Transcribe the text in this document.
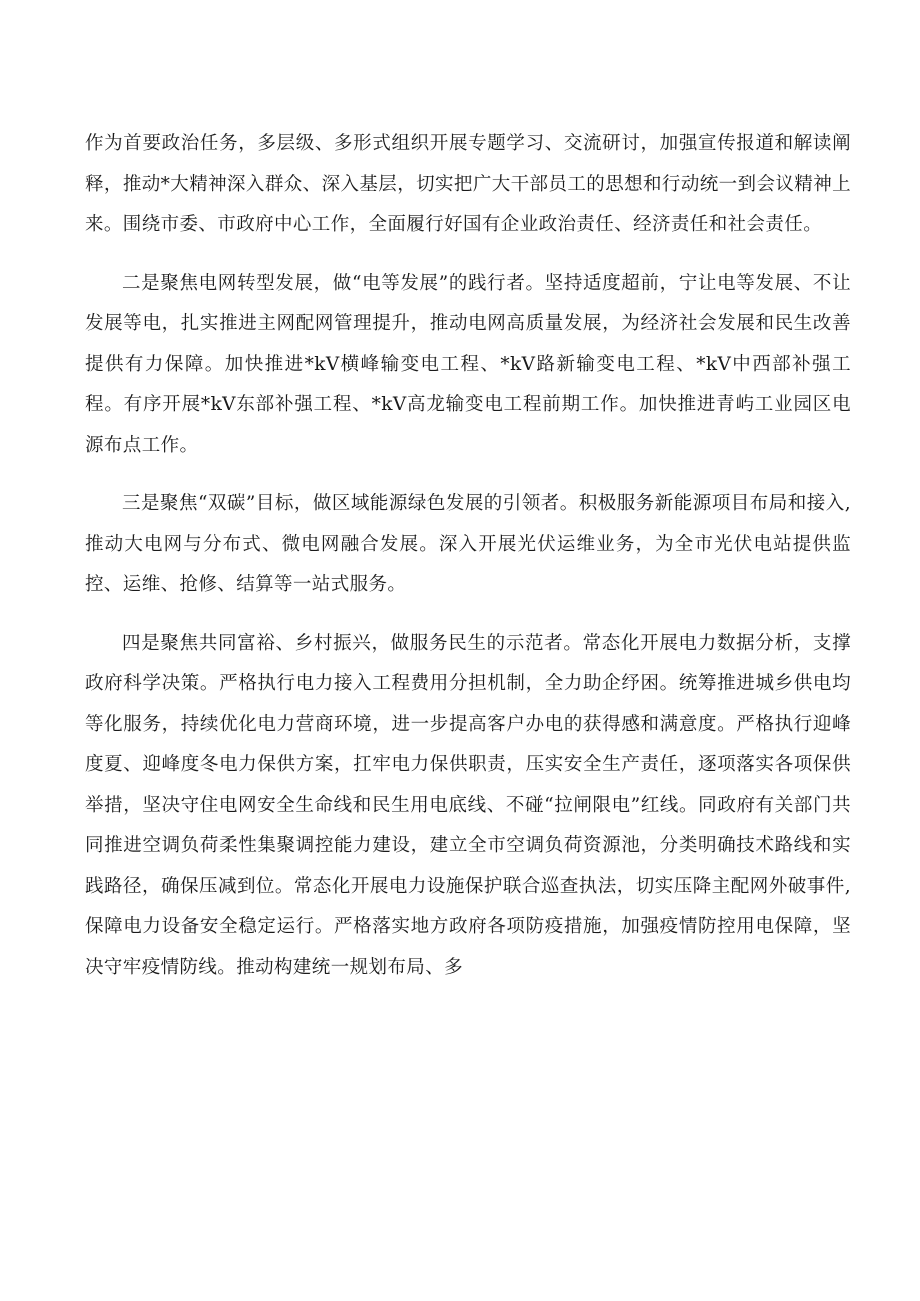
作为首要政治任务，多层级、多形式组织开展专题学习、交流研讨，加强宣传报道和解读阐释，推动*大精神深入群众、深入基层，切实把广大干部员工的思想和行动统一到会议精神上来。围绕市委、市政府中心工作，全面履行好国有企业政治责任、经济责任和社会责任。

二是聚焦电网转型发展，做“电等发展”的践行者。坚持适度超前，宁让电等发展、不让发展等电，扎实推进主网配网管理提升，推动电网高质量发展，为经济社会发展和民生改善提供有力保障。加快推进*kV横峰输变电工程、*kV路新输变电工程、*kV中西部补强工程。有序开展*kV东部补强工程、*kV高龙输变电工程前期工作。加快推进青屿工业园区电源布点工作。

三是聚焦“双碳”目标，做区域能源绿色发展的引领者。积极服务新能源项目布局和接入,推动大电网与分布式、微电网融合发展。深入开展光伏运维业务，为全市光伏电站提供监控、运维、抢修、结算等一站式服务。

四是聚焦共同富裕、乡村振兴，做服务民生的示范者。常态化开展电力数据分析，支撑政府科学决策。严格执行电力接入工程费用分担机制，全力助企纾困。统筹推进城乡供电均等化服务，持续优化电力营商环境，进一步提高客户办电的获得感和满意度。严格执行迎峰度夏、迎峰度冬电力保供方案，扛牢电力保供职责，压实安全生产责任，逐项落实各项保供举措，坚决守住电网安全生命线和民生用电底线、不碰“拉闸限电”红线。同政府有关部门共同推进空调负荷柔性集聚调控能力建设，建立全市空调负荷资源池，分类明确技术路线和实践路径，确保压减到位。常态化开展电力设施保护联合巡查执法，切实压降主配网外破事件,保障电力设备安全稳定运行。严格落实地方政府各项防疫措施，加强疫情防控用电保障，坚决守牢疫情防线。推动构建统一规划布局、多
